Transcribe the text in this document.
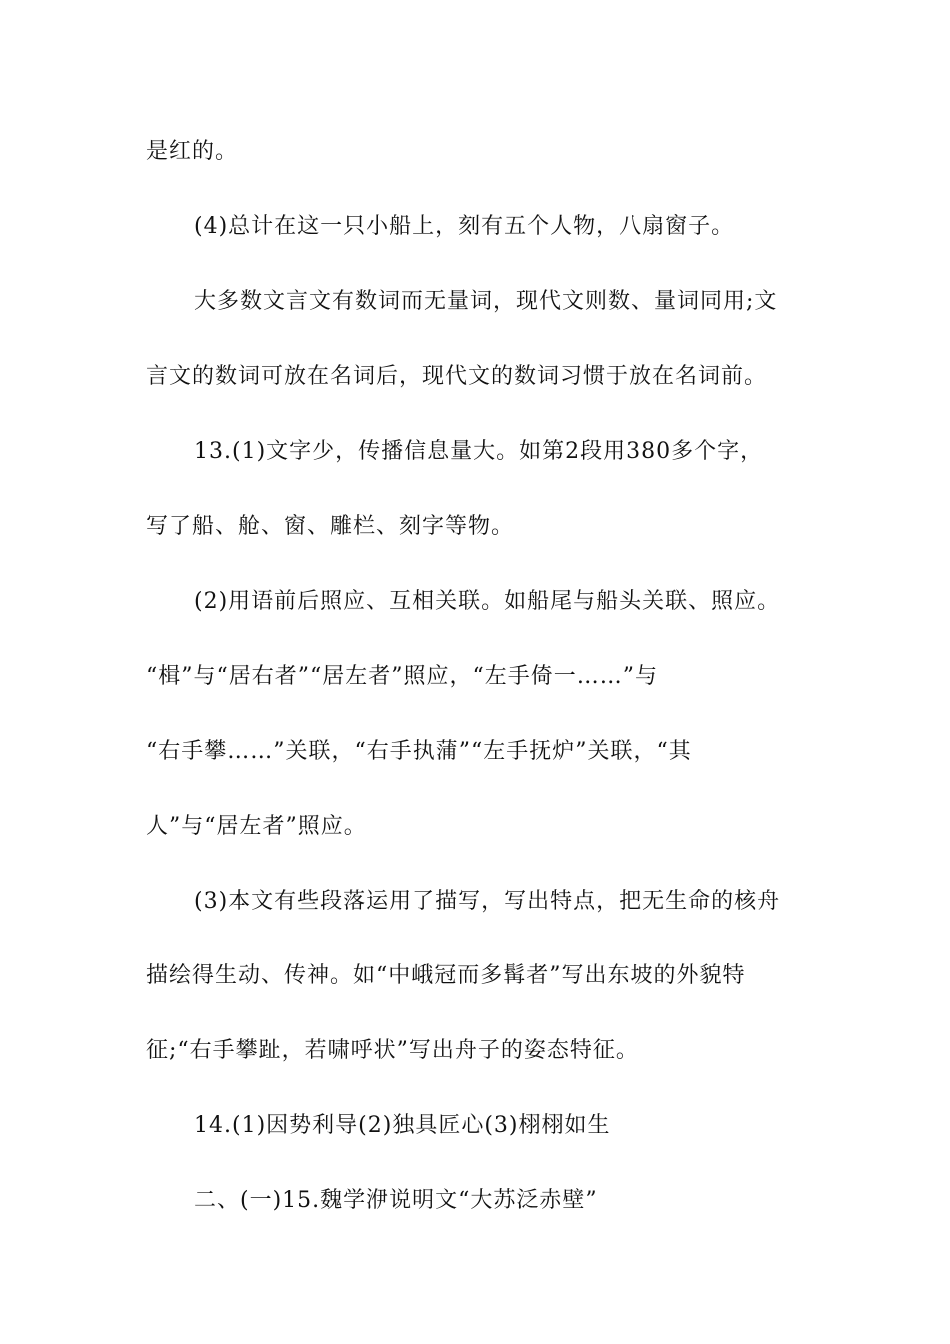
是红的。
(4)总计在这一只小船上，刻有五个人物，八扇窗子。
大多数文言文有数词而无量词，现代文则数、量词同用;文
言文的数词可放在名词后，现代文的数词习惯于放在名词前。
13.(1)文字少，传播信息量大。如第2段用380多个字，
写了船、舱、窗、雕栏、刻字等物。
(2)用语前后照应、互相关联。如船尾与船头关联、照应。
“楫”与“居右者”“居左者”照应，“左手倚一……”与
“右手攀……”关联，“右手执蒲”“左手抚炉”关联，“其
人”与“居左者”照应。
(3)本文有些段落运用了描写，写出特点，把无生命的核舟
描绘得生动、传神。如“中峨冠而多髯者”写出东坡的外貌特
征;“右手攀趾，若啸呼状”写出舟子的姿态特征。
14.(1)因势利导(2)独具匠心(3)栩栩如生
二、(一)15.魏学洢说明文“大苏泛赤壁”
